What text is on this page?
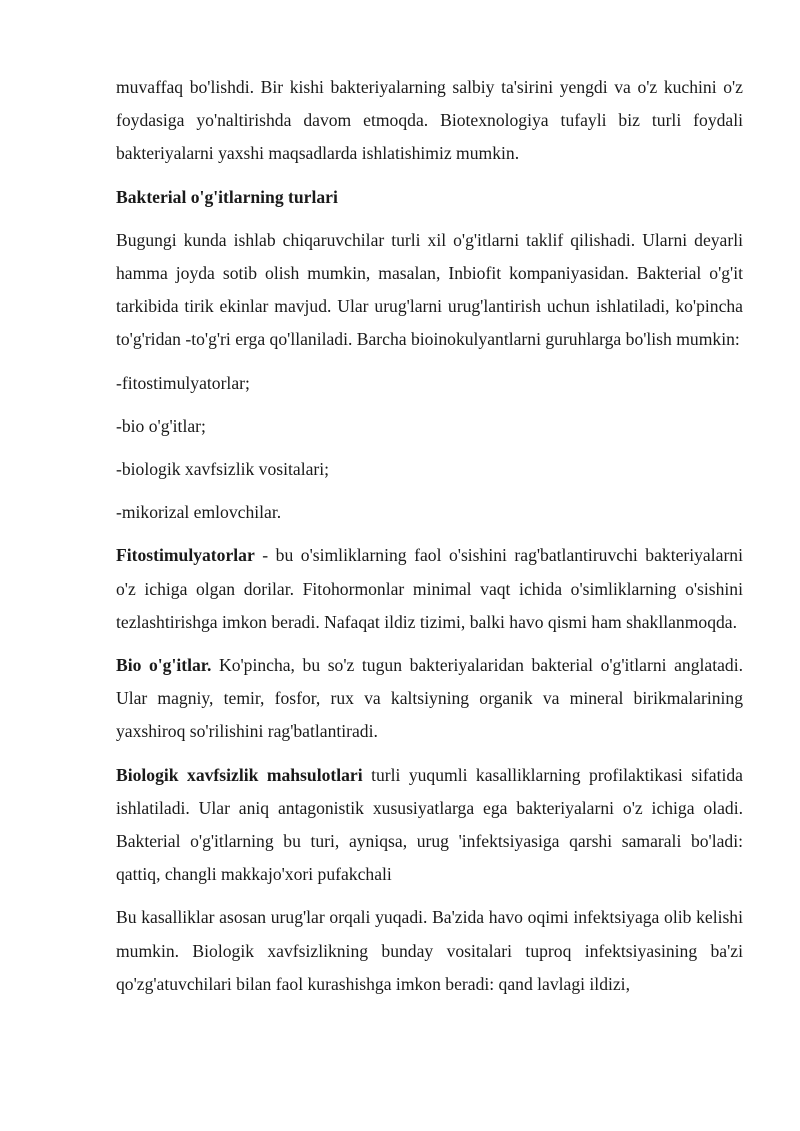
muvaffaq bo'lishdi. Bir kishi bakteriyalarning salbiy ta'sirini yengdi va o'z kuchini o'z foydasiga yo'naltirishda davom etmoqda. Biotexnologiya tufayli biz turli foydali bakteriyalarni yaxshi maqsadlarda ishlatishimiz mumkin.

Bakterial o'g'itlarning turlari

Bugungi kunda ishlab chiqaruvchilar turli xil o'g'itlarni taklif qilishadi. Ularni deyarli hamma joyda sotib olish mumkin, masalan, Inbiofit kompaniyasidan. Bakterial o'g'it tarkibida tirik ekinlar mavjud. Ular urug'larni urug'lantirish uchun ishlatiladi, ko'pincha to'g'ridan -to'g'ri erga qo'llaniladi. Barcha bioinokulyantlarni guruhlarga bo'lish mumkin:

-fitostimulyatorlar;

-bio o'g'itlar;

-biologik xavfsizlik vositalari;

-mikorizal emlovchilar.

Fitostimulyatorlar - bu o'simliklarning faol o'sishini rag'batlantiruvchi bakteriyalarni o'z ichiga olgan dorilar. Fitohormonlar minimal vaqt ichida o'simliklarning o'sishini tezlashtirishga imkon beradi. Nafaqat ildiz tizimi, balki havo qismi ham shakllanmoqda.

Bio o'g'itlar. Ko'pincha, bu so'z tugun bakteriyalaridan bakterial o'g'itlarni anglatadi. Ular magniy, temir, fosfor, rux va kaltsiyning organik va mineral birikmalarining yaxshiroq so'rilishini rag'batlantiradi.

Biologik xavfsizlik mahsulotlari turli yuqumli kasalliklarning profilaktikasi sifatida ishlatiladi. Ular aniq antagonistik xususiyatlarga ega bakteriyalarni o'z ichiga oladi. Bakterial o'g'itlarning bu turi, ayniqsa, urug 'infektsiyasiga qarshi samarali bo'ladi: qattiq, changli makkajo'xori pufakchali

Bu kasalliklar asosan urug'lar orqali yuqadi. Ba'zida havo oqimi infektsiyaga olib kelishi mumkin. Biologik xavfsizlikning bunday vositalari tuproq infektsiyasining ba'zi qo'zg'atuvchilari bilan faol kurashishga imkon beradi: qand lavlagi ildizi,
